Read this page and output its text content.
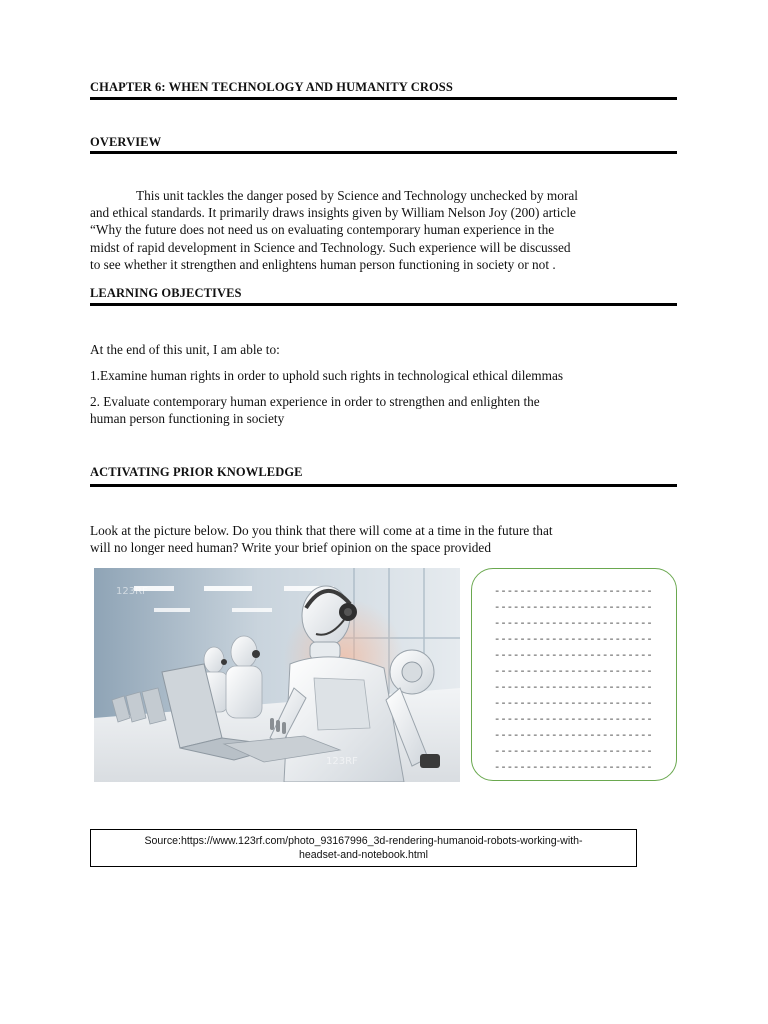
CHAPTER 6: WHEN TECHNOLOGY AND HUMANITY CROSS
OVERVIEW
This unit tackles the danger posed by Science and Technology unchecked by moral
and ethical standards. It primarily draws insights given by William Nelson Joy (200) article
“Why the future does not need us on evaluating contemporary human experience in the
midst of rapid development in Science and Technology. Such experience will be discussed
to see whether it strengthen and enlightens human person functioning in society or not .
LEARNING OBJECTIVES
At the end of this unit, I am able to:
1.Examine human rights in order to uphold such rights in technological ethical dilemmas
2. Evaluate contemporary human experience in order to strengthen and enlighten the
human person functioning in society
ACTIVATING PRIOR KNOWLEDGE
Look at the picture below. Do you think that there will come at a time in the future that
will no longer need human? Write your brief opinion on the space provided
123RF
123RF
-------------------------
-------------------------
-------------------------
-------------------------
-------------------------
-------------------------
-------------------------
-------------------------
-------------------------
-------------------------
-------------------------
-------------------------
Source:https://www.123rf.com/photo_93167996_3d-rendering-humanoid-robots-working-with-
headset-and-notebook.html
